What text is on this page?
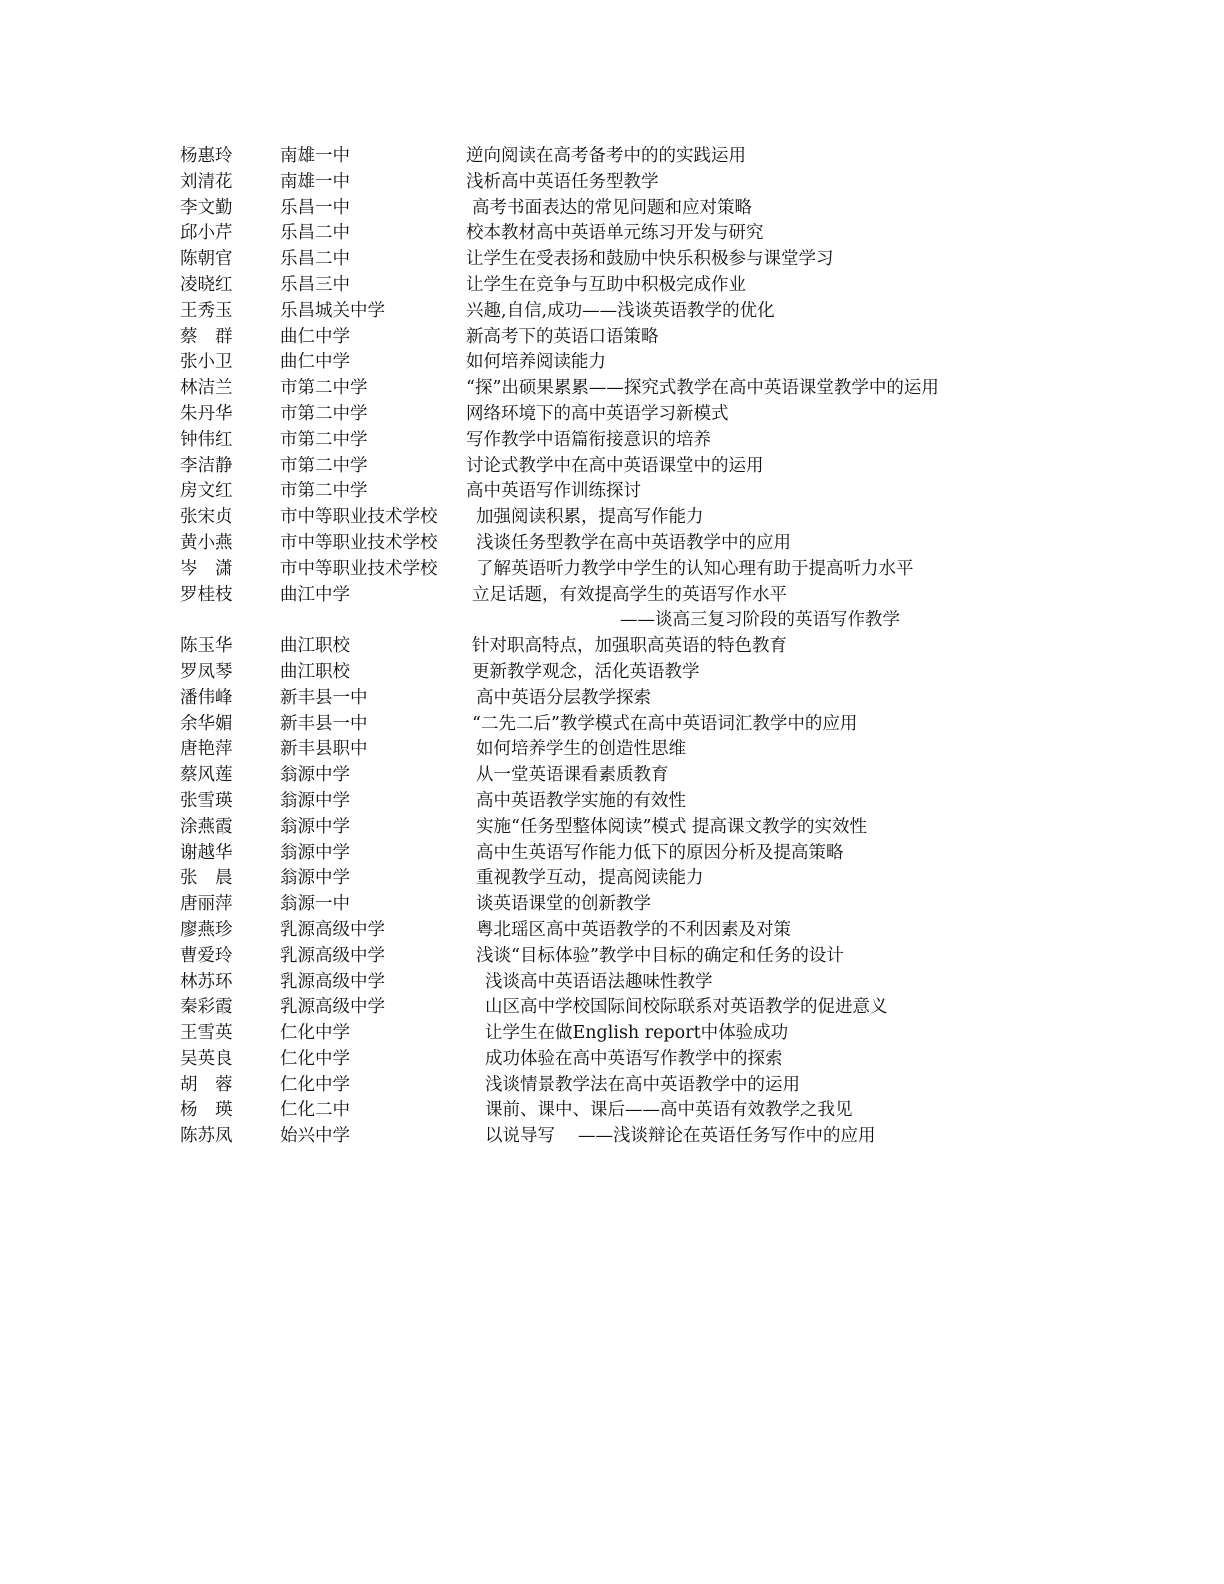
杨惠玲	南雄一中	逆向阅读在高考备考中的的实践运用
刘清花	南雄一中	浅析高中英语任务型教学
李文勤	乐昌一中	高考书面表达的常见问题和应对策略
邱小芹	乐昌二中	校本教材高中英语单元练习开发与研究
陈朝官	乐昌二中	让学生在受表扬和鼓励中快乐积极参与课堂学习
凌晓红	乐昌三中	让学生在竞争与互助中积极完成作业
王秀玉	乐昌城关中学	兴趣,自信,成功——浅谈英语教学的优化
蔡　群	曲仁中学	新高考下的英语口语策略
张小卫	曲仁中学	如何培养阅读能力
林洁兰	市第二中学	“探”出硕果累累——探究式教学在高中英语课堂教学中的运用
朱丹华	市第二中学	网络环境下的高中英语学习新模式
钟伟红	市第二中学	写作教学中语篇衔接意识的培养
李洁静	市第二中学	讨论式教学中在高中英语课堂中的运用
房文红	市第二中学	高中英语写作训练探讨
张宋贞	市中等职业技术学校 加强阅读积累，提高写作能力
黄小燕	市中等职业技术学校 浅谈任务型教学在高中英语教学中的应用
岑　潇	市中等职业技术学校 了解英语听力教学中学生的认知心理有助于提高听力水平
罗桂枝	曲江中学	立足话题，有效提高学生的英语写作水平
——谈高三复习阶段的英语写作教学
陈玉华	曲江职校	针对职高特点，加强职高英语的特色教育
罗凤琴	曲江职校	更新教学观念，活化英语教学
潘伟峰	新丰县一中	高中英语分层教学探索
余华媚	新丰县一中	“二先二后”教学模式在高中英语词汇教学中的应用
唐艳萍	新丰县职中	如何培养学生的创造性思维
蔡风莲	翁源中学	从一堂英语课看素质教育
张雪瑛	翁源中学	高中英语教学实施的有效性
涂燕霞	翁源中学	实施“任务型整体阅读”模式 提高课文教学的实效性
谢越华	翁源中学	高中生英语写作能力低下的原因分析及提高策略
张　晨	翁源中学	重视教学互动，提高阅读能力
唐丽萍	翁源一中	谈英语课堂的创新教学
廖燕珍	乳源高级中学	粤北瑶区高中英语教学的不利因素及对策
曹爱玲	乳源高级中学	浅谈“目标体验”教学中目标的确定和任务的设计
林苏环	乳源高级中学	浅谈高中英语语法趣味性教学
秦彩霞	乳源高级中学	山区高中学校国际间校际联系对英语教学的促进意义
王雪英	仁化中学	让学生在做English report中体验成功
吴英良	仁化中学	成功体验在高中英语写作教学中的探索
胡　蓉	仁化中学	浅谈情景教学法在高中英语教学中的运用
杨　瑛	仁化二中	课前、课中、课后——高中英语有效教学之我见
陈苏凤	始兴中学	以说导写　 ——浅谈辩论在英语任务写作中的应用
